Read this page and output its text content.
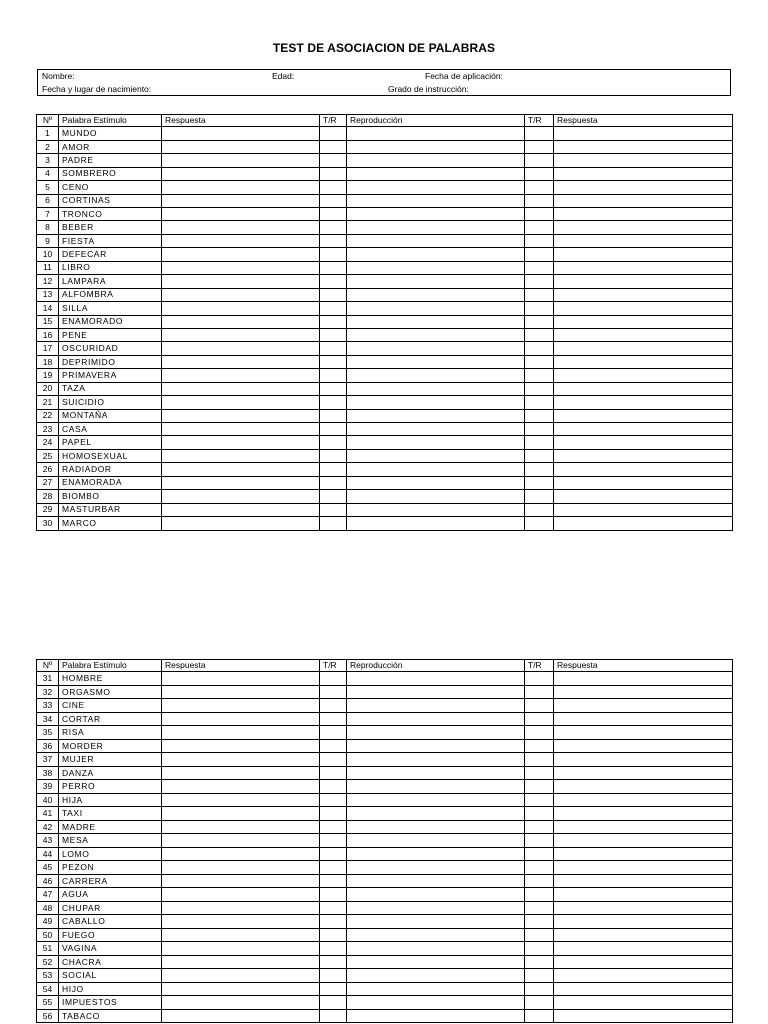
TEST DE ASOCIACION DE PALABRAS
Nombre:	Edad:	Fecha de aplicación:
Fecha y lugar de nacimiento:	Grado de instrucción:
Nº	Palabra Estímulo	Respuesta	T/R	Reproducción	T/R	Respuesta
1	MUNDO					
2	AMOR					
3	PADRE					
4	SOMBRERO					
5	CENO					
6	CORTINAS					
7	TRONCO					
8	BEBER					
9	FIESTA					
10	DEFECAR					
11	LIBRO					
12	LAMPARA					
13	ALFOMBRA					
14	SILLA					
15	ENAMORADO					
16	PENE					
17	OSCURIDAD					
18	DEPRIMIDO					
19	PRIMAVERA					
20	TAZA					
21	SUICIDIO					
22	MONTAÑA					
23	CASA					
24	PAPEL					
25	HOMOSEXUAL					
26	RADIADOR					
27	ENAMORADA					
28	BIOMBO					
29	MASTURBAR					
30	MARCO					
Nº	Palabra Estímulo	Respuesta	T/R	Reproducción	T/R	Respuesta
31	HOMBRE					
32	ORGASMO					
33	CINE					
34	CORTAR					
35	RISA					
36	MORDER					
37	MUJER					
38	DANZA					
39	PERRO					
40	HIJA					
41	TAXI					
42	MADRE					
43	MESA					
44	LOMO					
45	PEZON					
46	CARRERA					
47	AGUA					
48	CHUPAR					
49	CABALLO					
50	FUEGO					
51	VAGINA					
52	CHACRA					
53	SOCIAL					
54	HIJO					
55	IMPUESTOS					
56	TABACO					
